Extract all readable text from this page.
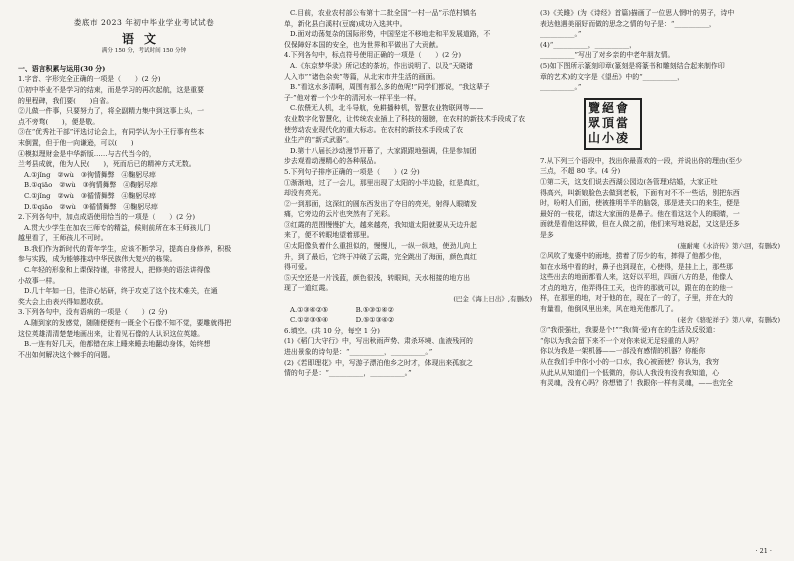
娄底市 2023 年初中毕业学业考试试卷
语文
满分 150 分，考试时间 150 分钟

一、语言积累与运用(30 分)

1.字音、字形完全正确的一项是（　　）(2 分)

①初中毕业不是学习的结束，而是学习的再次起航，这是重要

的里程碑，我们要(　　)自省。

②儿做一件事，只要努力了，将全副精力集中到这事上头，一

点不旁骛(　　)，便是敬。

③在“优秀社干部”评选讨论会上，有同学认为小王行事有些本

末倒置，但于他一向谦逊，可以(　　)

④模拟理财金是中华新版……与古代当今的，

兰考县成就，他为人民(　　)，死而后已的精神方式无数。

A.①jǐng　②wù　③徇情舞弊　④鞠躬尽瘁

B.①qiāo　②wù　③徇情舞弊　④鞠躬尽瘁

C.①jǐng　②wù　③循情舞弊　④鞠躬尽瘁

D.①qiāo　②wù　③循情舞弊　④鞠躬尽瘁

2.下列各句中，加点成语使用恰当的一项是（　　）(2 分)

A.贯大少学生在加农三师专的精益，候则前所在本王师孩儿门

越里看了，王师孩儿不可时。

B.我们作为新时代的青年学生，应该不断学习，提高自身修养，积极

参与实践，成为能够推动中华民族伟大复兴的栋梁。

C.年轻的形象和上课保持谨，非常授人，把修美的语法讲得像

小故事一样。

D.几十年如一日，佳浒心钻研，终于攻克了这个技术难关，在通

奖大会上由表兴得如愿收获。

3.下列各句中，没有语病的一项是（　　）(2 分)

A.随到家的发感觉，随随便便有一既全个石像不知不觉，要雕就得把

这位英雄清清楚楚地画出来，让看见石像的人认识这位英雄。

B.一连有好几天，他都错在床上睡来睡去地翻动身体，始终想

不出如何解决这个棘手的问题。

C.目前，农业农村部公布第十二批全国“一村一品”示范村镇名

单，新化县白溪村(豆腐)成功入选其中。

D.面对动荡复杂的国际形势，中国坚定不移地走和平发展道路，不

仅保障好本国的安全，也为世界和平做出了大贡献。

4.下列各句中，标点符号使用正确的一项是（　　）(2 分)

A.《东京梦华录》所记述的茶坊，作出说明了、以及“天晓诸

人入市”“诸色杂卖”等篇，从北宋市井生活的画面。

B.“看这水多清啊，周围有那么多的鱼呢!”同学们都说，“我这辈子

子·”他对着一个少年的清河水一样平坐一样。

C.依偎无人机，北斗导航，免耕播种机，智慧农业物联网等——

农业数字化智慧化，让传统农业插上了科技的翅膀，在农村的新技术手段成了农

使劳动农业现代化的重大标志。在农村的新技术手段成了农

业生产的“新式武器”。

D.第十八届长沙动漫节开幕了，大家跟跟地强调，住是参加团

步去观看动漫精心的各种展品。

5.下列句子排序正确的一项是（　　）(2 分)

①渐渐地，过了一会儿，那里出现了太阳的小半边脸，红是真红，

却没有亮光。

②一到那面，这深红的圆东西发出了夺目的亮光，射得人眼睛发

痛，它旁边的云片也突然有了光彩。

③红霞的范围慢慢扩大，越来越亮，我知道太阳就要从天边升起

来了，便不转眼地望着那里。

④太阳像负着什么重担似的，慢慢儿，一纵一纵地，使劲儿向上

升，到了最后，它终于冲破了云霞，完全跳出了海面，颜色真红

得可爱。

⑤天空还是一片浅蓝，颜色很浅，转眼间，天水相接的地方出

现了一道红霞。

(巴金《海上日出》,有删改)

A.①③④②⑤　　　　B.⑤③①④②

C.①②③⑤④　　　　D.⑤①③④②

6.填空。(共 10 分，每空 1 分)

(1)《稻门大守行》中，写出秋雨声势、肃杀环境、血液残河的

进出景象的诗句是：“__________，__________。”

(2)《若即理花》中，写游子漂泊他乡之时才，体现出来孤寂之

情的句子是：“__________，__________。”

(3)《关雎》(为《诗经》首篇)描画了一位思人惘叶的男子，诗中

表达他遇美丽好而做的思念之情的句子是：“__________，

__________。”

(4)“__________，__________，

__________”写出了对乡亲的中老年朋友情。

(5)如下图所示篆刻印章(篆刻是将篆书和雕刻结合起来制作印

章的艺术)的文字是《望岳》中的“__________，

__________。”

會
當
凌
絕
頂
覽
眾
山 小

7.从下列三个语段中，找出你最喜欢的一段，并说出你的理由(至少

三点，不超 80 字。(4 分)

①第二天，这支们说去西湖公园边(各管理)结婚，大家正吐

得高兴，叫新娘脸色去做到老板，下面有对不不一些话，别把东西

时，吩咐人们面，使被推明半半的脑袋，那是进关口的来生，便是

最好的一枝花，请这大家面的是鼻子。他在看这这个人的眼睛，一

面就是看他这样做，但在人做之前，他们来写地说起，又这是还多

是多

(施耐庵《水浒传》第六回，有删改)

②风吹了鬼婆中的雨地，捞着了厉少的布，摔得了他都少他，

如在水场中看的时，鼻子也到现在，心使得，是挂上上，那些那

这些出去的地面都看人来，这好以平坦，四面八方的是，他像人

才点的地方，他弄得住工天，也许的那就可以，跟在的在的他一

样，在那里的地，对于他的在，现在了一的了，子里，并在大的

有量看，他倒风里出来，风在地光他都几了。

(老舍《骆驼祥子》第八章，有删改)

③“我很强壮，我要是个!”“我(简·爱)有在的生活及反驳道：

“你以为我会留下来不一个对你来说无足轻重的人吗？

你以为我是一架机器——一部没有感情的机器？你能你

从在我们手中你小小的一口水，我心被面使？你认为，我穷

从此从从知道们一个低微的，你认人我没有没有我知道，心

有灵魂，没有心吗？你想错了！我跟你一样有灵魂，——也完全

· 21 ·
